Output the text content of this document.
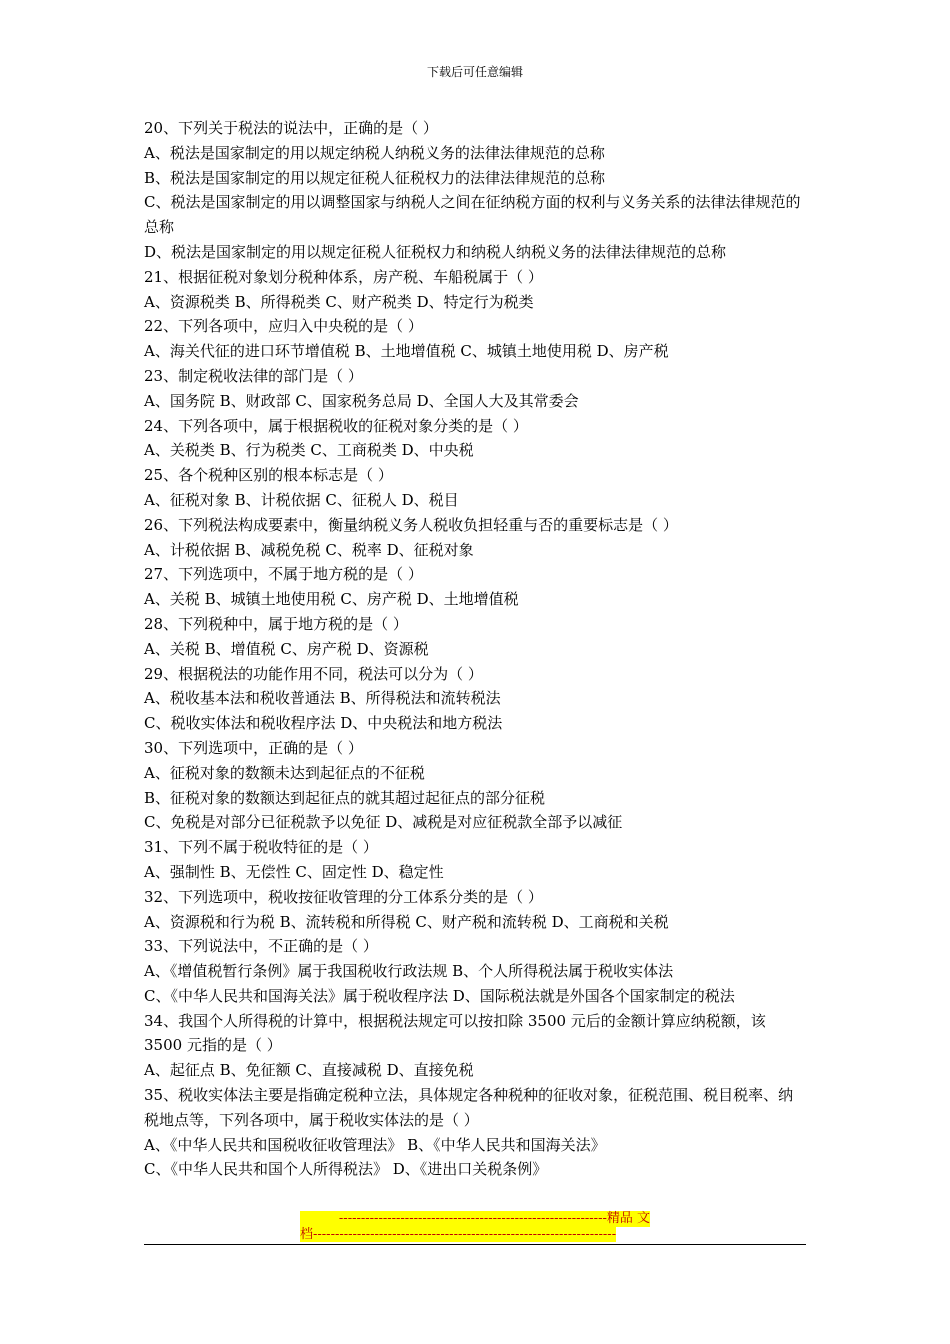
下载后可任意编辑
20、下列关于税法的说法中，正确的是（ ）
A、税法是国家制定的用以规定纳税人纳税义务的法律法律规范的总称
B、税法是国家制定的用以规定征税人征税权力的法律法律规范的总称
C、税法是国家制定的用以调整国家与纳税人之间在征纳税方面的权利与义务关系的法律法律规范的总称
D、税法是国家制定的用以规定征税人征税权力和纳税人纳税义务的法律法律规范的总称
21、根据征税对象划分税种体系，房产税、车船税属于（ ）
A、资源税类 B、所得税类 C、财产税类 D、特定行为税类
22、下列各项中，应归入中央税的是（ ）
A、海关代征的进口环节增值税 B、土地增值税 C、城镇土地使用税 D、房产税
23、制定税收法律的部门是（ ）
A、国务院 B、财政部 C、国家税务总局 D、全国人大及其常委会
24、下列各项中，属于根据税收的征税对象分类的是（ ）
A、关税类 B、行为税类 C、工商税类 D、中央税
25、各个税种区别的根本标志是（ ）
A、征税对象 B、计税依据 C、征税人 D、税目
26、下列税法构成要素中，衡量纳税义务人税收负担轻重与否的重要标志是（ ）
A、计税依据 B、减税免税 C、税率 D、征税对象
27、下列选项中，不属于地方税的是（ ）
A、关税 B、城镇土地使用税 C、房产税 D、土地增值税
28、下列税种中，属于地方税的是（ ）
A、关税 B、增值税 C、房产税 D、资源税
29、根据税法的功能作用不同，税法可以分为（ ）
A、税收基本法和税收普通法 B、所得税法和流转税法
C、税收实体法和税收程序法 D、中央税法和地方税法
30、下列选项中，正确的是（ ）
A、征税对象的数额未达到起征点的不征税
B、征税对象的数额达到起征点的就其超过起征点的部分征税
C、免税是对部分已征税款予以免征 D、减税是对应征税款全部予以减征
31、下列不属于税收特征的是（ ）
A、强制性 B、无偿性 C、固定性 D、稳定性
32、下列选项中，税收按征收管理的分工体系分类的是（ ）
A、资源税和行为税 B、流转税和所得税 C、财产税和流转税 D、工商税和关税
33、下列说法中，不正确的是（ ）
A、《增值税暂行条例》属于我国税收行政法规 B、个人所得税法属于税收实体法
C、《中华人民共和国海关法》属于税收程序法 D、国际税法就是外国各个国家制定的税法
34、我国个人所得税的计算中，根据税法规定可以按扣除 3500 元后的金额计算应纳税额，该 3500 元指的是（ ）
A、起征点 B、免征额 C、直接减税 D、直接免税
35、税收实体法主要是指确定税种立法，具体规定各种税种的征收对象，征税范围、税目税率、纳税地点等，下列各项中，属于税收实体法的是（ ）
A、《中华人民共和国税收征收管理法》 B、《中华人民共和国海关法》
C、《中华人民共和国个人所得税法》 D、《进出口关税条例》
-------------------------------------------------------------精品 文
档---------------------------------------------------------------------
